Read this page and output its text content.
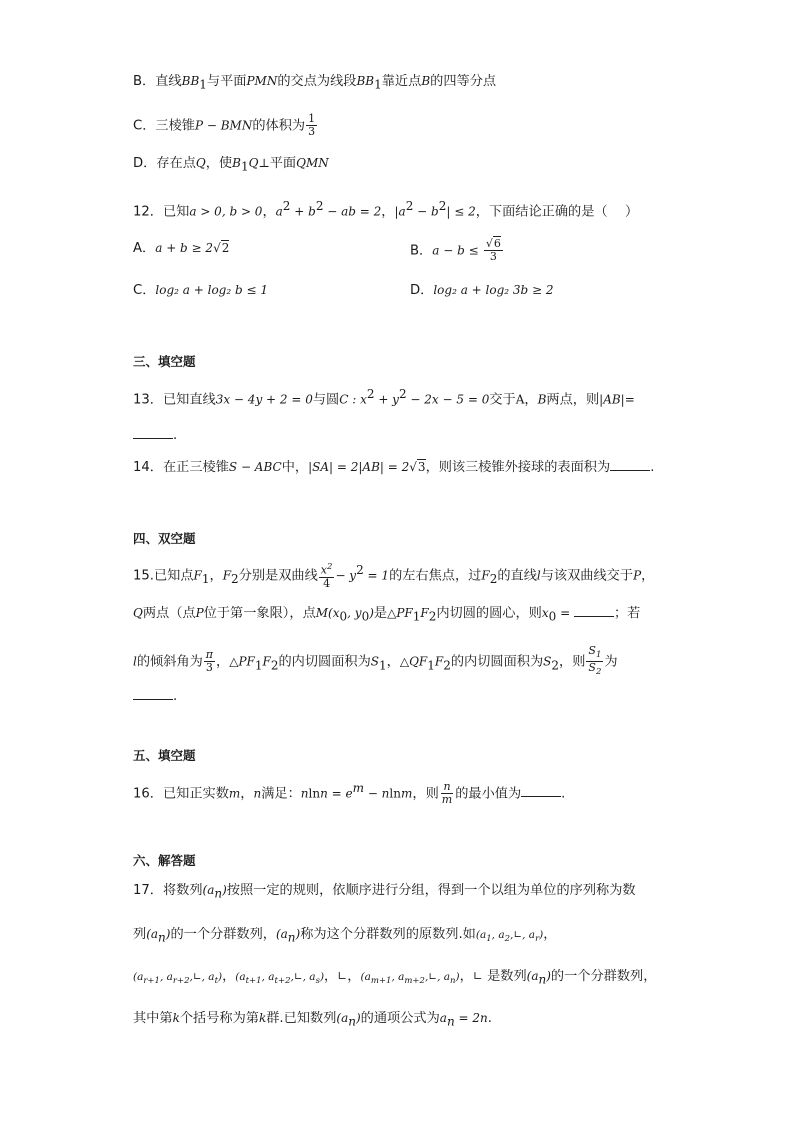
B．直线$BB_1$与平面PMN的交点为线段$BB_1$靠近点B的四等分点
C．三棱锥P − BMN的体积为 $\frac{1}{3}$
D．存在点Q，使$B_1Q\perp$平面QMN
12．已知a > 0, b > 0，$a^2 + b^2$ − ab = 2，$|a^2 - b^2| \le 2$，下面结论正确的是（　 ）
A．a + b ≥ 2√2	B．$a - b \le \frac{√6}{3}$
C．log₂ a + log₂ b ≤ 1	D．log₂ a + log₂ 3b ≥ 2
三、填空题
13．已知直线3x − 4y + 2 = 0与圆C : $x^2 + y^2 - 2x - 5 = 0$交于A，B两点，则|AB|=
.
14．在正三棱锥S − ABC中，|SA| = 2|AB| = 2√3，则该三棱锥外接球的表面积为	.
四、双空题
15.已知点$F_1$，$F_2$分别是双曲线 $\frac{x^2}{4} - y^2 = 1$的左右焦点，过$F_2$的直线l与该双曲线交于P，
Q两点（点P位于第一象限），点$M(x_0$, $y_0$)是$\triangle PF_1F_2$内切圆的圆心，则$x_0$ =	；若
l的倾斜角为 $\frac{\pi}{3}$ ，$\triangle PF_1F_2$的内切圆面积为$S_1$，$\triangle QF_1F_2$的内切圆面积为$S_2$，则 $\frac{S_1}{S_2}$ 为
.
五、填空题
16．已知正实数m，n满足：$nlnn = e^m - nlnm$，则 $\frac{n}{m}$ 的最小值为	.
六、解答题
17．将数列$(a_n)$按照一定的规则，依顺序进行分组，得到一个以组为单位的序列称为数
列$(a_n)$的一个分群数列，$(a_n)$称为这个分群数列的原数列.如($a_1$, $a_2,∟$, $a_r$)，
($a_{r+1}$, $a_{r+2},∟$, $a_t$)，($a_{t+1}$, $a_{t+2},∟$, $a_s$)，∟，($a_{m+1}$, $a_{m+2},∟$, $a_n$)，∟ 是数列$(a_n)$的一个分群数列，
其中第k个括号称为第k群.已知数列$(a_n)$的通项公式为$a_n = 2n$.
